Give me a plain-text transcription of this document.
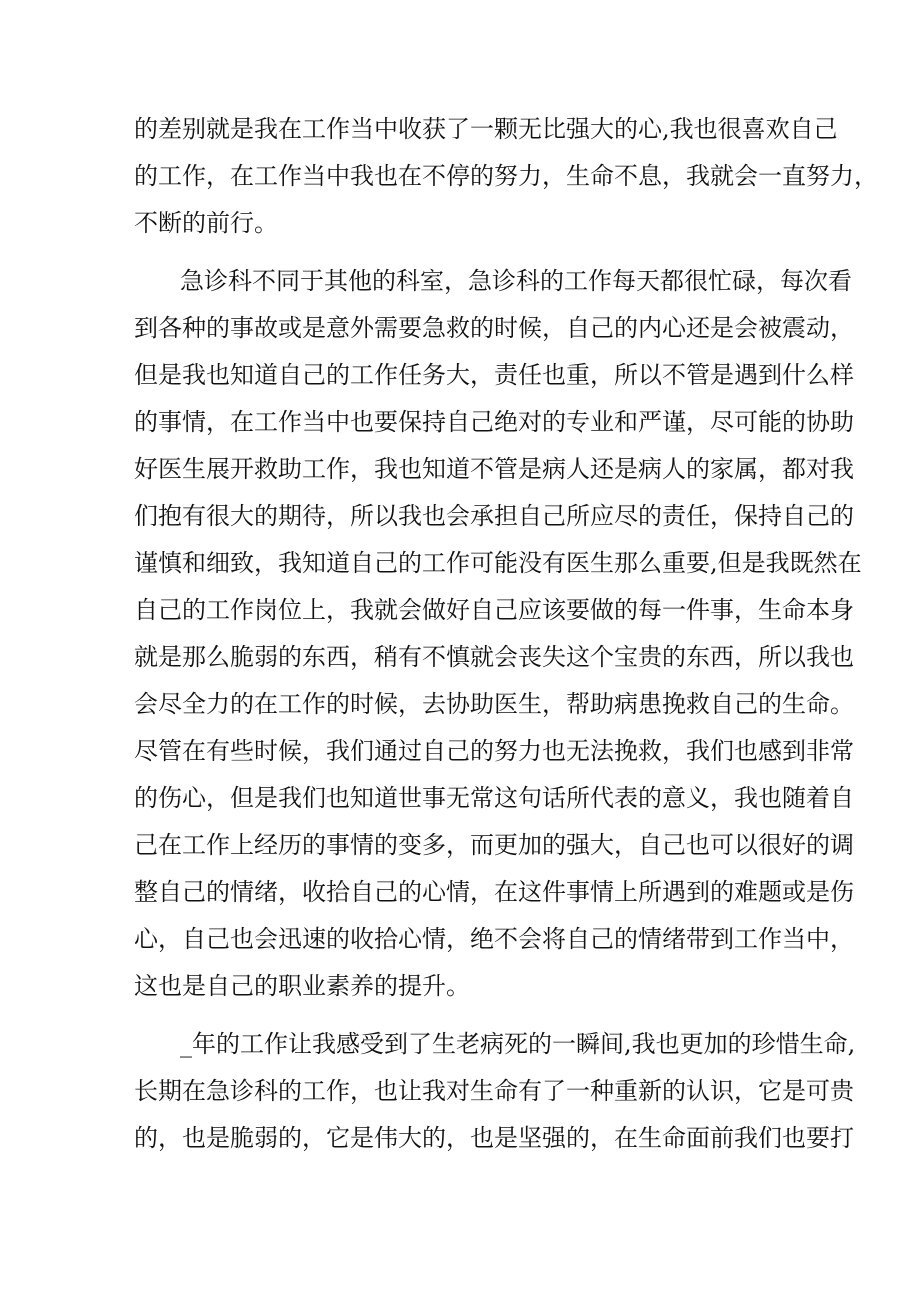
的差别就是我在工作当中收获了一颗无比强大的心,我也很喜欢自己
的工作，在工作当中我也在不停的努力，生命不息，我就会一直努力，
不断的前行。
急诊科不同于其他的科室，急诊科的工作每天都很忙碌，每次看
到各种的事故或是意外需要急救的时候，自己的内心还是会被震动，
但是我也知道自己的工作任务大，责任也重，所以不管是遇到什么样
的事情，在工作当中也要保持自己绝对的专业和严谨，尽可能的协助
好医生展开救助工作，我也知道不管是病人还是病人的家属，都对我
们抱有很大的期待，所以我也会承担自己所应尽的责任，保持自己的
谨慎和细致，我知道自己的工作可能没有医生那么重要,但是我既然在
自己的工作岗位上，我就会做好自己应该要做的每一件事，生命本身
就是那么脆弱的东西，稍有不慎就会丧失这个宝贵的东西，所以我也
会尽全力的在工作的时候，去协助医生，帮助病患挽救自己的生命。
尽管在有些时候，我们通过自己的努力也无法挽救，我们也感到非常
的伤心，但是我们也知道世事无常这句话所代表的意义，我也随着自
己在工作上经历的事情的变多，而更加的强大，自己也可以很好的调
整自己的情绪，收拾自己的心情，在这件事情上所遇到的难题或是伤
心，自己也会迅速的收拾心情，绝不会将自己的情绪带到工作当中，
这也是自己的职业素养的提升。
_年的工作让我感受到了生老病死的一瞬间,我也更加的珍惜生命,
长期在急诊科的工作，也让我对生命有了一种重新的认识，它是可贵
的，也是脆弱的，它是伟大的，也是坚强的，在生命面前我们也要打
